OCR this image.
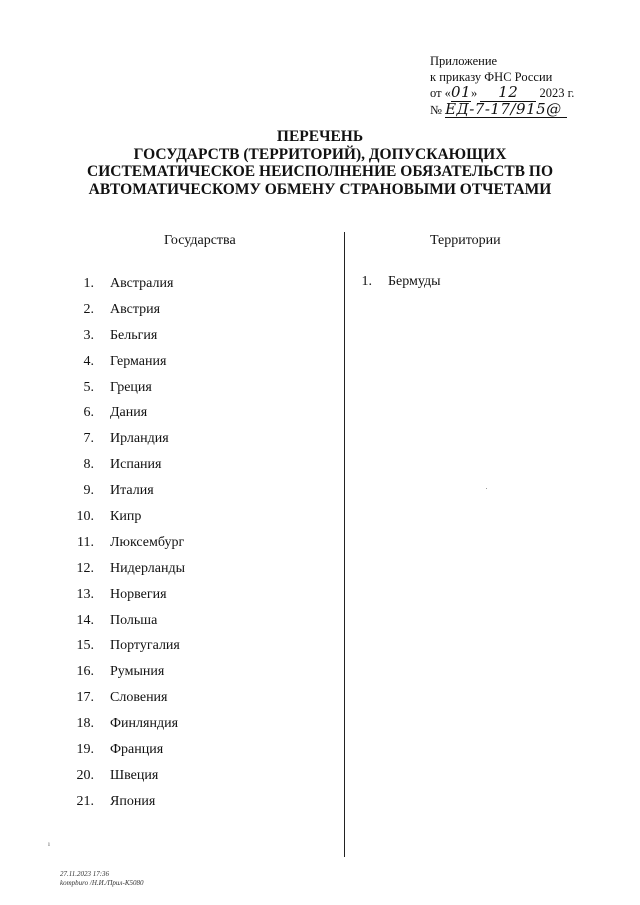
Приложение
к приказу ФНС России
от «01» 12 2023 г.
№ ЕД-7-17/915@
ПЕРЕЧЕНЬ
ГОСУДАРСТВ (ТЕРРИТОРИЙ), ДОПУСКАЮЩИХ
СИСТЕМАТИЧЕСКОЕ НЕИСПОЛНЕНИЕ ОБЯЗАТЕЛЬСТВ ПО
АВТОМАТИЧЕСКОМУ ОБМЕНУ СТРАНОВЫМИ ОТЧЕТАМИ
Государства	Территории
1. Австралия
2. Австрия
3. Бельгия
4. Германия
5. Греция
6. Дания
7. Ирландия
8. Испания
9. Италия
10. Кипр
11. Люксембург
12. Нидерланды
13. Норвегия
14. Польша
15. Португалия
16. Румыния
17. Словения
18. Финляндия
19. Франция
20. Швеция
21. Япония
1. Бермуды
ı
27.11.2023 17:36
kompburo /Н.И./Прил-К5080
